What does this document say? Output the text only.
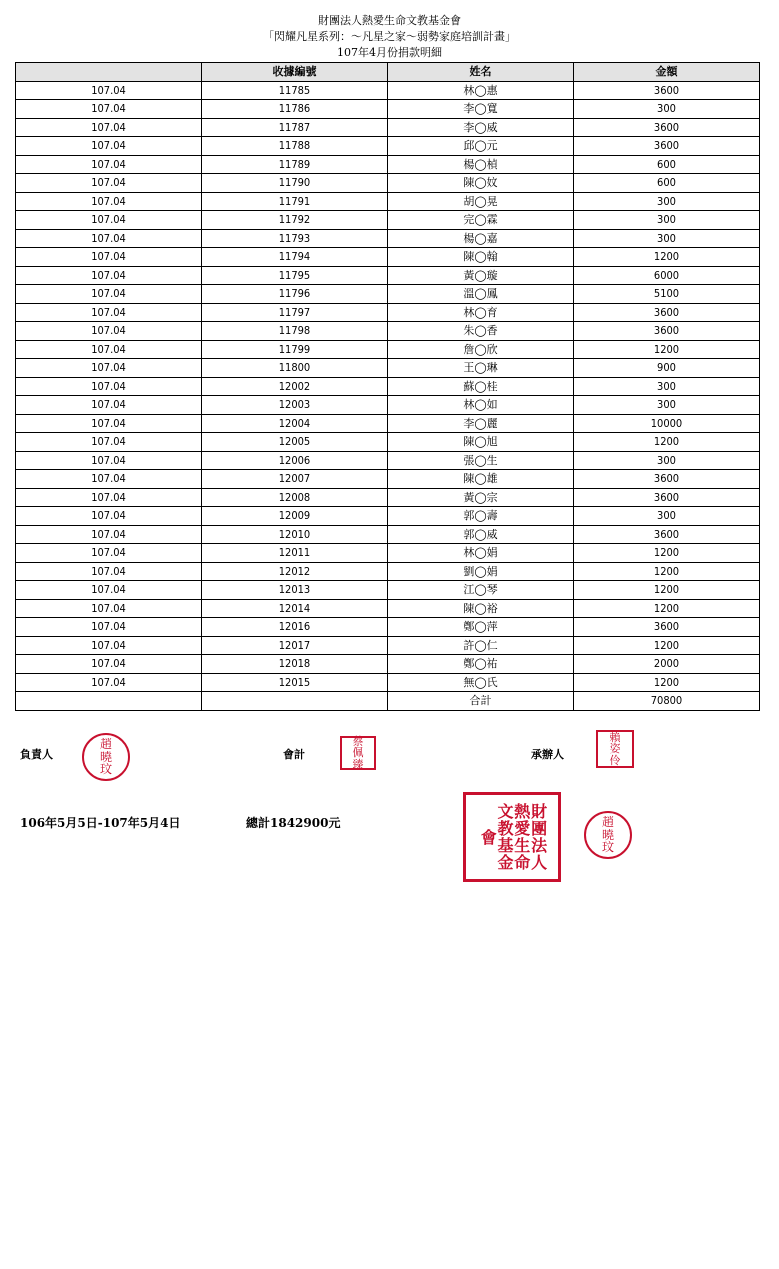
財團法人熱愛生命文教基金會
「閃耀凡星系列：～凡星之家～弱勢家庭培訓計畫」
107年4月份捐款明細
	收據編號	姓名	金額
107.04	11785	林◯惠	3600
107.04	11786	李◯寬	300
107.04	11787	李◯威	3600
107.04	11788	邱◯元	3600
107.04	11789	楊◯楨	600
107.04	11790	陳◯妏	600
107.04	11791	胡◯晃	300
107.04	11792	完◯霖	300
107.04	11793	楊◯嘉	300
107.04	11794	陳◯翰	1200
107.04	11795	黃◯璇	6000
107.04	11796	溫◯鳳	5100
107.04	11797	林◯育	3600
107.04	11798	朱◯香	3600
107.04	11799	詹◯欣	1200
107.04	11800	王◯琳	900
107.04	12002	蘇◯桂	300
107.04	12003	林◯如	300
107.04	12004	李◯麗	10000
107.04	12005	陳◯旭	1200
107.04	12006	張◯生	300
107.04	12007	陳◯雄	3600
107.04	12008	黃◯宗	3600
107.04	12009	郭◯壽	300
107.04	12010	郭◯威	3600
107.04	12011	林◯娟	1200
107.04	12012	劉◯娟	1200
107.04	12013	江◯琴	1200
107.04	12014	陳◯裕	1200
107.04	12016	鄭◯萍	3600
107.04	12017	許◯仁	1200
107.04	12018	鄭◯祐	2000
107.04	12015	無◯氏	1200
		合計	70800
負責人
趙
曉
玟
會計
蔡
佩
臻
承辦人
賴
姿
伶
106年5月5日-107年5月4日	總計1842900元	財團法人
熱愛生命
文教基金會
趙
曉
玟
